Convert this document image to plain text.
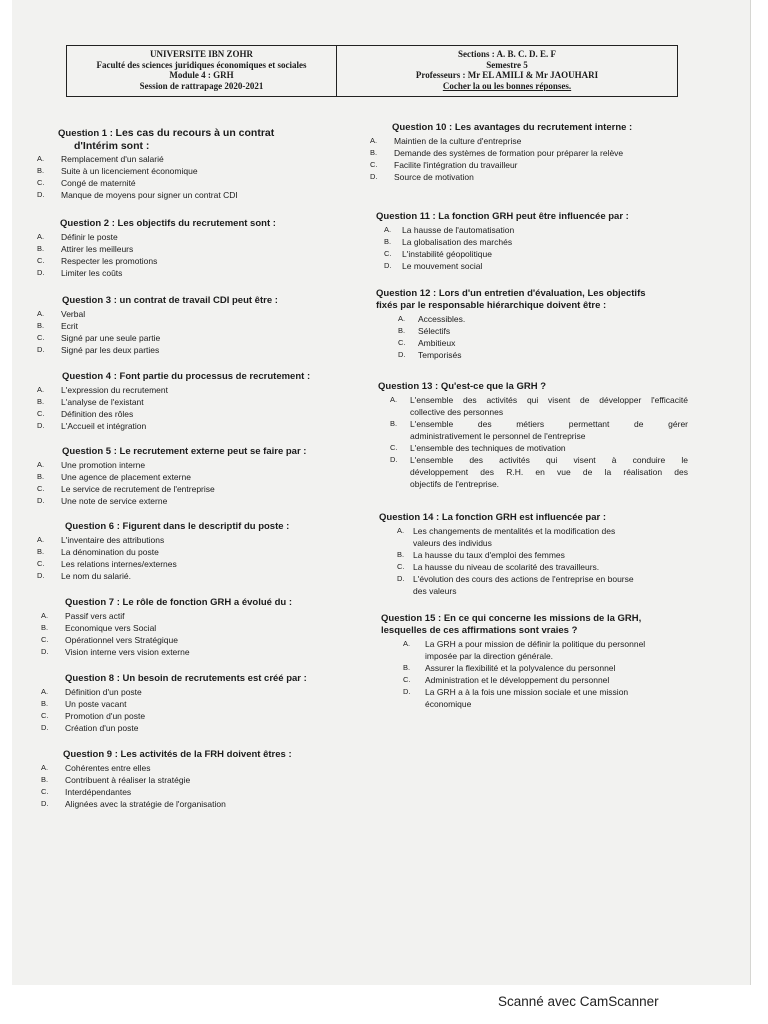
UNIVERSITE IBN ZOHR
Faculté des sciences juridiques économiques et sociales
Module 4 : GRH
Session de rattrapage 2020-2021
Sections : A. B. C. D. E. F
Semestre 5
Professeurs : Mr EL AMILI & Mr JAOUHARI
Cocher la ou les bonnes réponses.
Question 1 : Les cas du recours à un contrat
d'Intérim sont :
A.	Remplacement d'un salarié
B.	Suite à un licenciement économique
C.	Congé de maternité
D.	Manque de moyens pour signer un contrat CDI
Question 2 : Les objectifs du recrutement sont :
A.	Définir le poste
B.	Attirer les meilleurs
C.	Respecter les promotions
D.	Limiter les coûts
Question 3 : un contrat de travail CDI peut être :
A.	Verbal
B.	Ecrit
C.	Signé par une seule partie
D.	Signé par les deux parties
Question 4 : Font partie du processus de recrutement :
A.	L'expression du recrutement
B.	L'analyse de l'existant
C.	Définition des rôles
D.	L'Accueil et intégration
Question 5 : Le recrutement externe peut se faire par :
A.	Une promotion interne
B.	Une agence de placement externe
C.	Le service de recrutement de l'entreprise
D.	Une note de service externe
Question 6 : Figurent dans le descriptif du poste :
A.	L'inventaire des attributions
B.	La dénomination du poste
C.	Les relations internes/externes
D.	Le nom du salarié.
Question 7 : Le rôle de fonction GRH a évolué du :
A.	Passif vers actif
B.	Economique vers Social
C.	Opérationnel vers Stratégique
D.	Vision interne vers vision externe
Question 8 : Un besoin de recrutements est créé par :
A.	Définition d'un poste
B.	Un poste vacant
C.	Promotion d'un poste
D.	Création d'un poste
Question 9 : Les activités de la FRH doivent êtres :
A.	Cohérentes entre elles
B.	Contribuent à réaliser la stratégie
C.	Interdépendantes
D.	Alignées avec la stratégie de l'organisation
Question 10 : Les avantages du recrutement interne :
A.	Maintien de la culture d'entreprise
B.	Demande des systèmes de formation pour préparer la relève
C.	Facilite l'intégration du travailleur
D.	Source de motivation
Question 11 : La fonction GRH peut être influencée par :
A.	La hausse de l'automatisation
B.	La globalisation des marchés
C.	L'instabilité géopolitique
D.	Le mouvement social
Question 12 : Lors d'un entretien d'évaluation, Les objectifs
fixés par le responsable hiérarchique doivent être :
A.	Accessibles.
B.	Sélectifs
C.	Ambitieux
D.	Temporisés
Question 13 : Qu'est-ce que la GRH ?
A.	L'ensemble des activités qui visent de développer l'efficacité
collective des personnes
B.	L'ensemble des métiers permettant de gérer
administrativement le personnel de l'entreprise
C.	L'ensemble des techniques de motivation
D.	L'ensemble des activités qui visent à conduire le
développement des R.H. en vue de la réalisation des
objectifs de l'entreprise.
Question 14 : La fonction GRH est influencée par :
A.	Les changements de mentalités et la modification des
valeurs des individus
B.	La hausse du taux d'emploi des femmes
C.	La hausse du niveau de scolarité des travailleurs.
D.	L'évolution des cours des actions de l'entreprise en bourse
des valeurs
Question 15 : En ce qui concerne les missions de la GRH,
lesquelles de ces affirmations sont vraies ?
A.	La GRH a pour mission de définir la politique du personnel
imposée par la direction générale.
B.	Assurer la flexibilité et la polyvalence du personnel
C.	Administration et le développement du personnel
D.	La GRH a à la fois une mission sociale et une mission
économique
Scanné avec CamScanner
